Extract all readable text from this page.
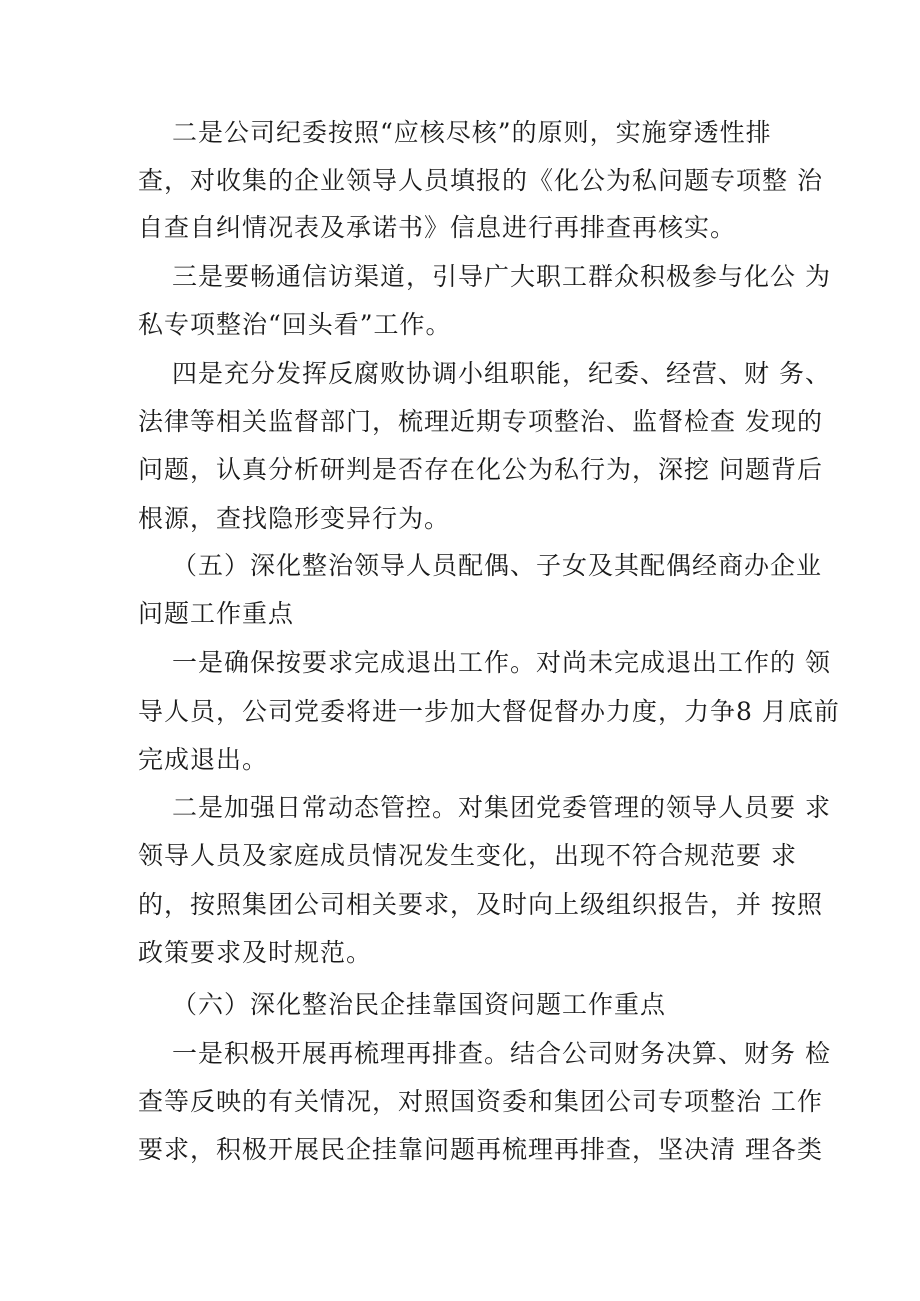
二是公司纪委按照“应核尽核”的原则，实施穿透性排
查，对收集的企业领导人员填报的《化公为私问题专项整 治
自查自纠情况表及承诺书》信息进行再排查再核实。
三是要畅通信访渠道，引导广大职工群众积极参与化公 为
私专项整治“回头看”工作。
四是充分发挥反腐败协调小组职能，纪委、经营、财 务、
法律等相关监督部门，梳理近期专项整治、监督检查 发现的
问题，认真分析研判是否存在化公为私行为，深挖 问题背后
根源，查找隐形变异行为。
（五）深化整治领导人员配偶、子女及其配偶经商办企业
问题工作重点
一是确保按要求完成退出工作。对尚未完成退出工作的 领
导人员，公司党委将进一步加大督促督办力度，力争8 月底前
完成退出。
二是加强日常动态管控。对集团党委管理的领导人员要 求
领导人员及家庭成员情况发生变化，出现不符合规范要 求
的，按照集团公司相关要求，及时向上级组织报告，并 按照
政策要求及时规范。
（六）深化整治民企挂靠国资问题工作重点
一是积极开展再梳理再排查。结合公司财务决算、财务 检
查等反映的有关情况，对照国资委和集团公司专项整治 工作
要求，积极开展民企挂靠问题再梳理再排查，坚决清 理各类
